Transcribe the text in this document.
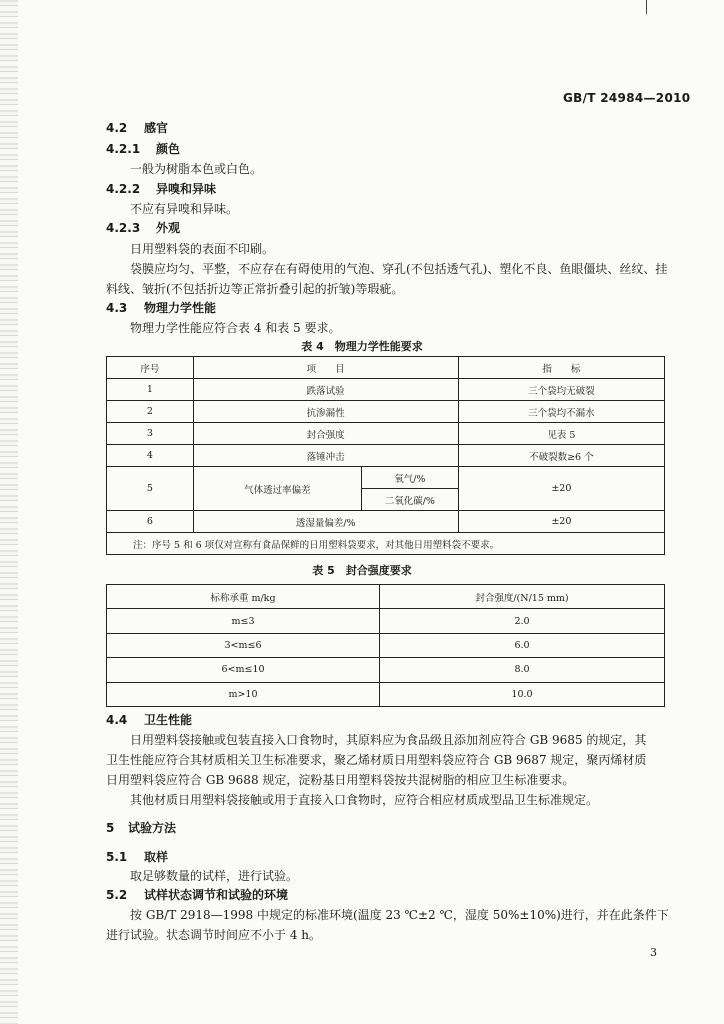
GB/T 24984—2010
4.2 感官
4.2.1 颜色
一般为树脂本色或白色。
4.2.2 异嗅和异味
不应有异嗅和异味。
4.2.3 外观
日用塑料袋的表面不印刷。
袋膜应均匀、平整，不应存在有碍使用的气泡、穿孔(不包括透气孔)、塑化不良、鱼眼僵块、丝纹、挂
料线、皱折(不包括折边等正常折叠引起的折皱)等瑕疵。
4.3 物理力学性能
物理力学性能应符合表 4 和表 5 要求。
表 4　物理力学性能要求
序号	项　　目		指　　标
1	跌落试验		三个袋均无破裂
2	抗渗漏性		三个袋均不漏水
3	封合强度		见表 5
4	落锤冲击		不破裂数≥6 个
5	气体透过率偏差	氧气/%	±20
		二氧化碳/%	
6	透湿量偏差/%		±20
注：序号 5 和 6 项仅对宣称有食品保鲜的日用塑料袋要求，对其他日用塑料袋不要求。			
表 5　封合强度要求
标称承重 m/kg	封合强度/(N/15 mm)
m≤3	2.0
3<m≤6	6.0
6<m≤10	8.0
m>10	10.0
4.4 卫生性能
日用塑料袋接触或包装直接入口食物时，其原料应为食品级且添加剂应符合 GB 9685 的规定，其
卫生性能应符合其材质相关卫生标准要求，聚乙烯材质日用塑料袋应符合 GB 9687 规定，聚丙烯材质
日用塑料袋应符合 GB 9688 规定，淀粉基日用塑料袋按共混树脂的相应卫生标准要求。
其他材质日用塑料袋接触或用于直接入口食物时，应符合相应材质成型品卫生标准规定。
5 试验方法
5.1 取样
取足够数量的试样，进行试验。
5.2 试样状态调节和试验的环境
按 GB/T 2918—1998 中规定的标准环境(温度 23 ℃±2 ℃，湿度 50%±10%)进行，并在此条件下
进行试验。状态调节时间应不小于 4 h。
3
